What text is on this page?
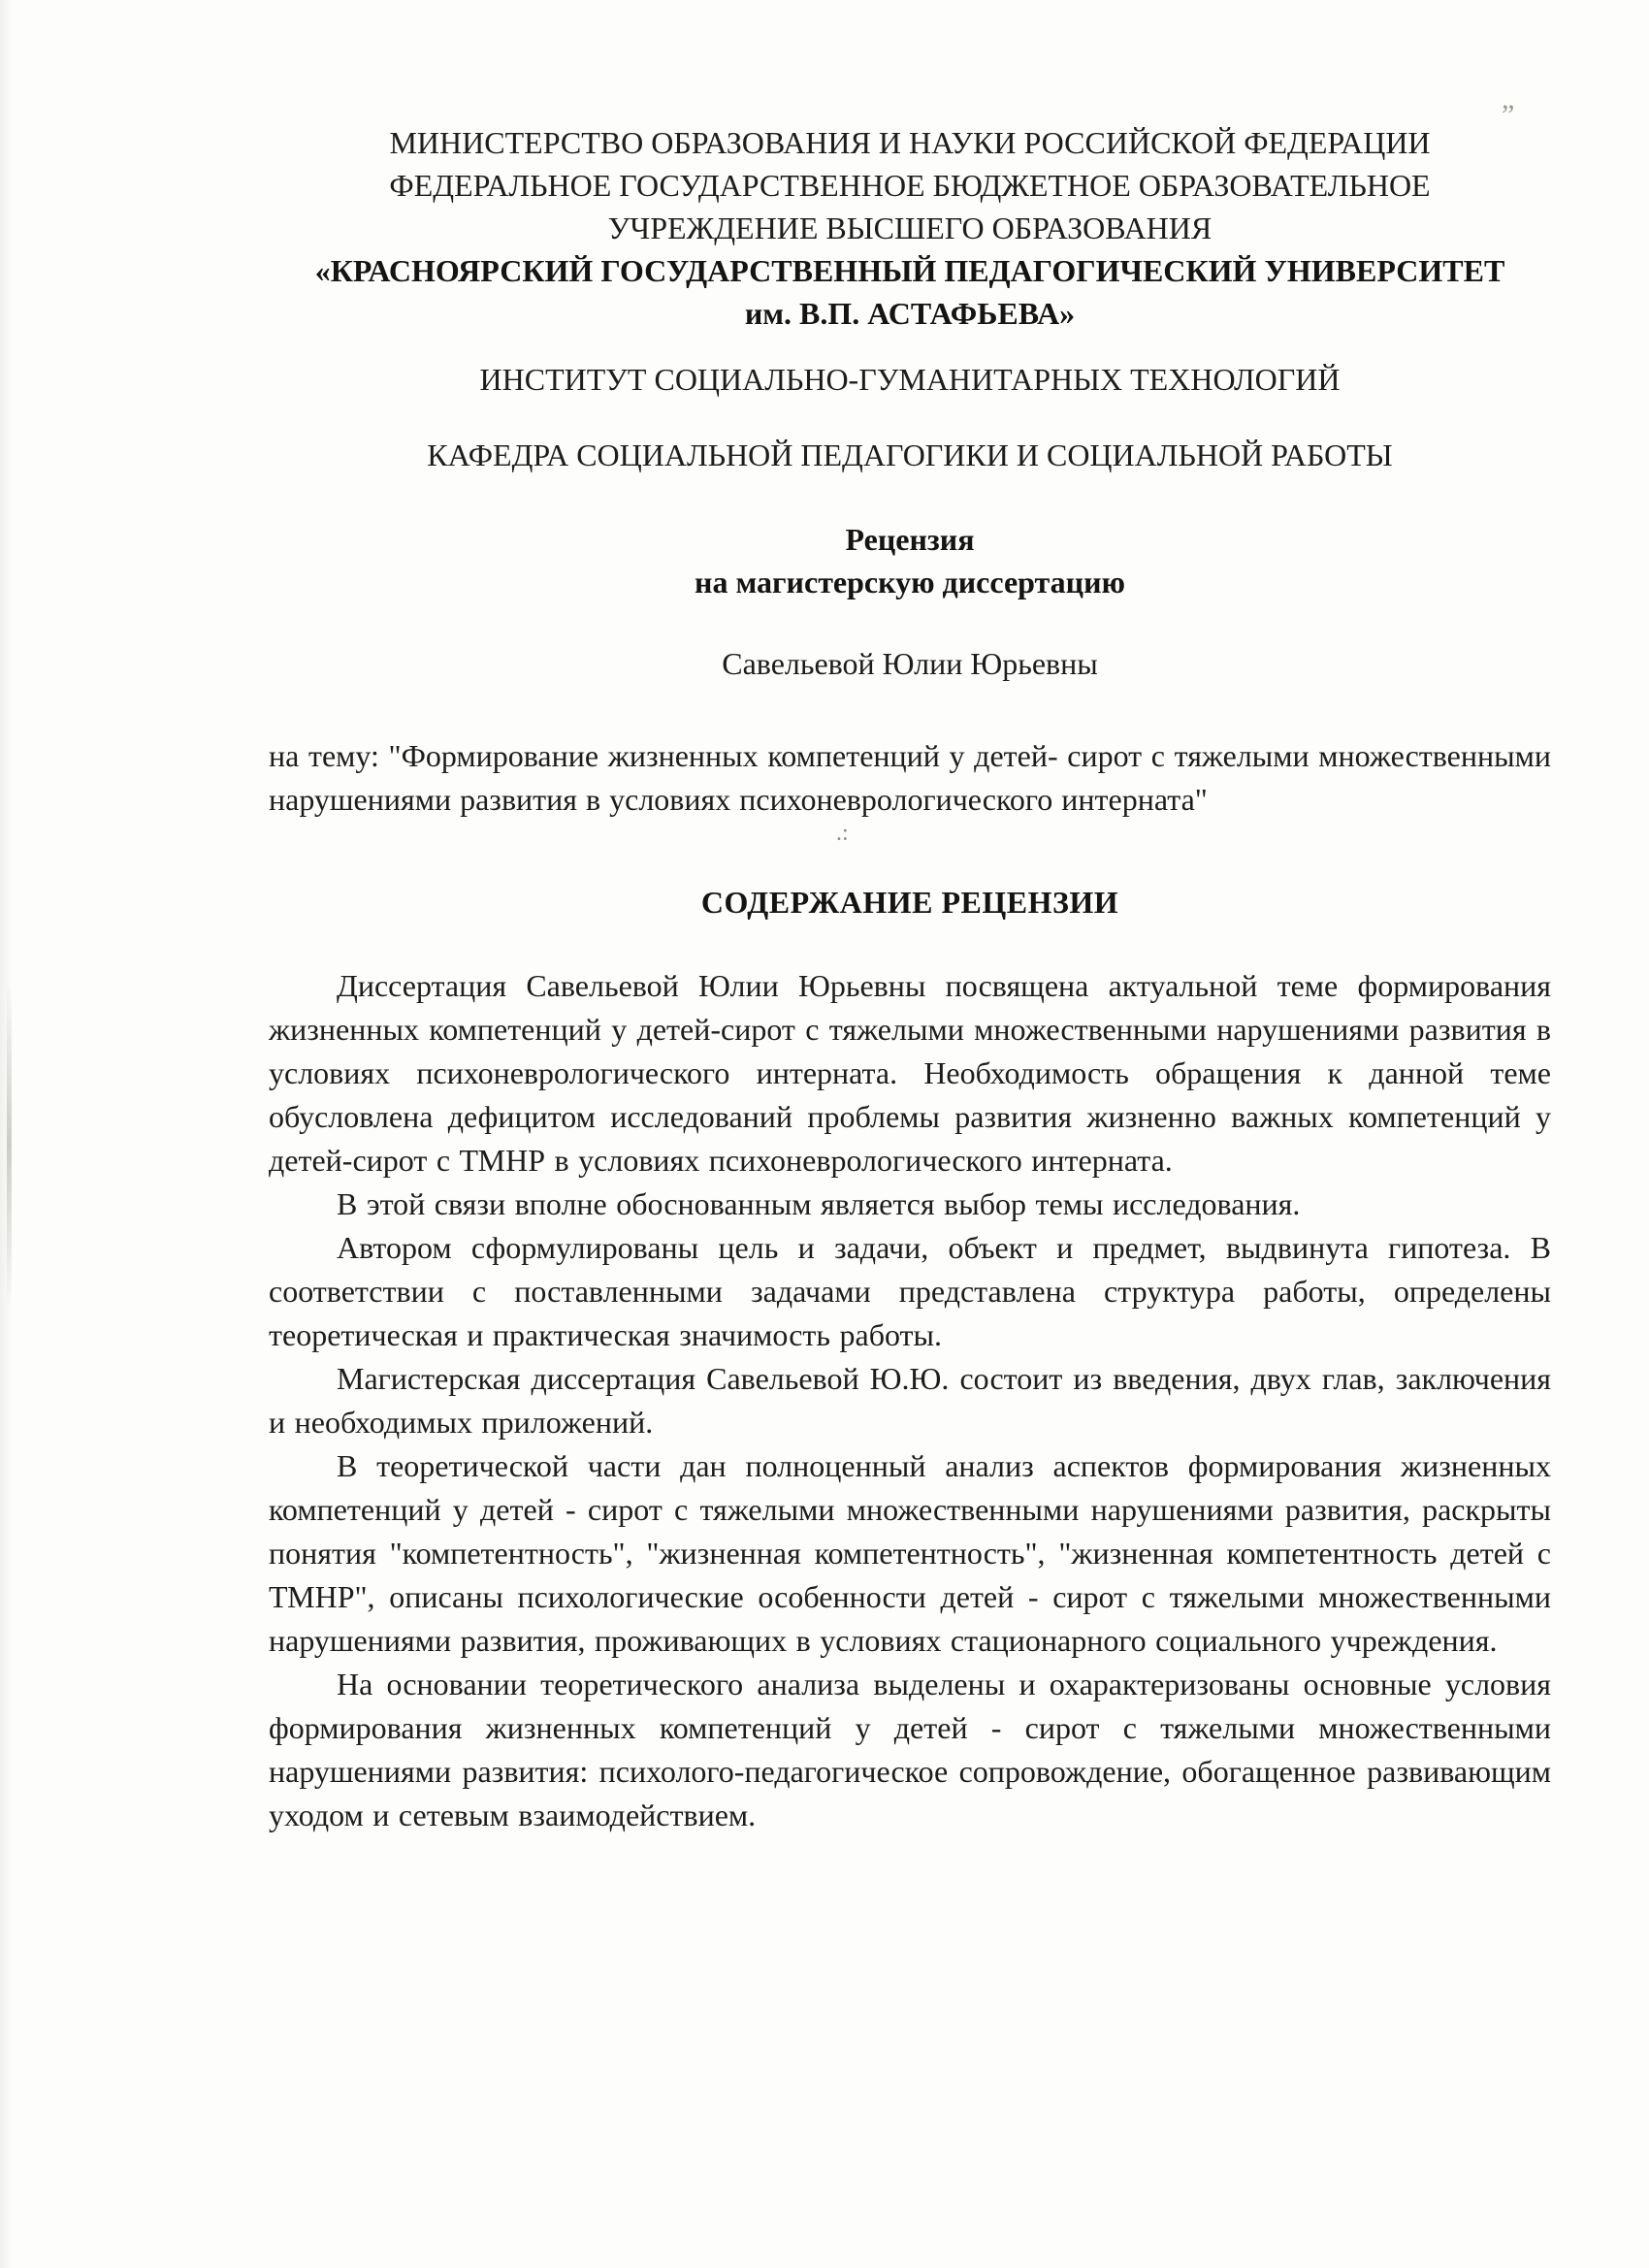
”
.:
МИНИСТЕРСТВО ОБРАЗОВАНИЯ И НАУКИ РОССИЙСКОЙ ФЕДЕРАЦИИ
ФЕДЕРАЛЬНОЕ ГОСУДАРСТВЕННОЕ БЮДЖЕТНОЕ ОБРАЗОВАТЕЛЬНОЕ
УЧРЕЖДЕНИЕ ВЫСШЕГО ОБРАЗОВАНИЯ
«КРАСНОЯРСКИЙ ГОСУДАРСТВЕННЫЙ ПЕДАГОГИЧЕСКИЙ УНИВЕРСИТЕТ
им. В.П. АСТАФЬЕВА»
ИНСТИТУТ СОЦИАЛЬНО-ГУМАНИТАРНЫХ ТЕХНОЛОГИЙ
КАФЕДРА СОЦИАЛЬНОЙ ПЕДАГОГИКИ И СОЦИАЛЬНОЙ РАБОТЫ
Рецензия
на магистерскую диссертацию
Савельевой Юлии Юрьевны

на тему: "Формирование жизненных компетенций у детей- сирот с тяжелыми множественными нарушениями развития в условиях психоневрологического интерната"

СОДЕРЖАНИЕ РЕЦЕНЗИИ

Диссертация Савельевой Юлии Юрьевны посвящена актуальной теме формирования жизненных компетенций у детей-сирот с тяжелыми множественными нарушениями развития в условиях психоневрологического интерната. Необходимость обращения к данной теме обусловлена дефицитом исследований проблемы развития жизненно важных компетенций у детей-сирот с ТМНР в условиях психоневрологического интерната.

В этой связи вполне обоснованным является выбор темы исследования.

Автором сформулированы цель и задачи, объект и предмет, выдвинута гипотеза. В соответствии с поставленными задачами представлена структура работы, определены теоретическая и практическая значимость работы.

Магистерская диссертация Савельевой Ю.Ю. состоит из введения, двух глав, заключения и необходимых приложений.

В теоретической части дан полноценный анализ аспектов формирования жизненных компетенций у детей - сирот с тяжелыми множественными нарушениями развития, раскрыты понятия "компетентность", "жизненная компетентность", "жизненная компетентность детей с ТМНР", описаны психологические особенности детей - сирот с тяжелыми множественными нарушениями развития, проживающих в условиях стационарного социального учреждения.

На основании теоретического анализа выделены и охарактеризованы основные условия формирования жизненных компетенций у детей - сирот с тяжелыми множественными нарушениями развития: психолого-педагогическое сопровождение, обогащенное развивающим уходом и сетевым взаимодействием.
